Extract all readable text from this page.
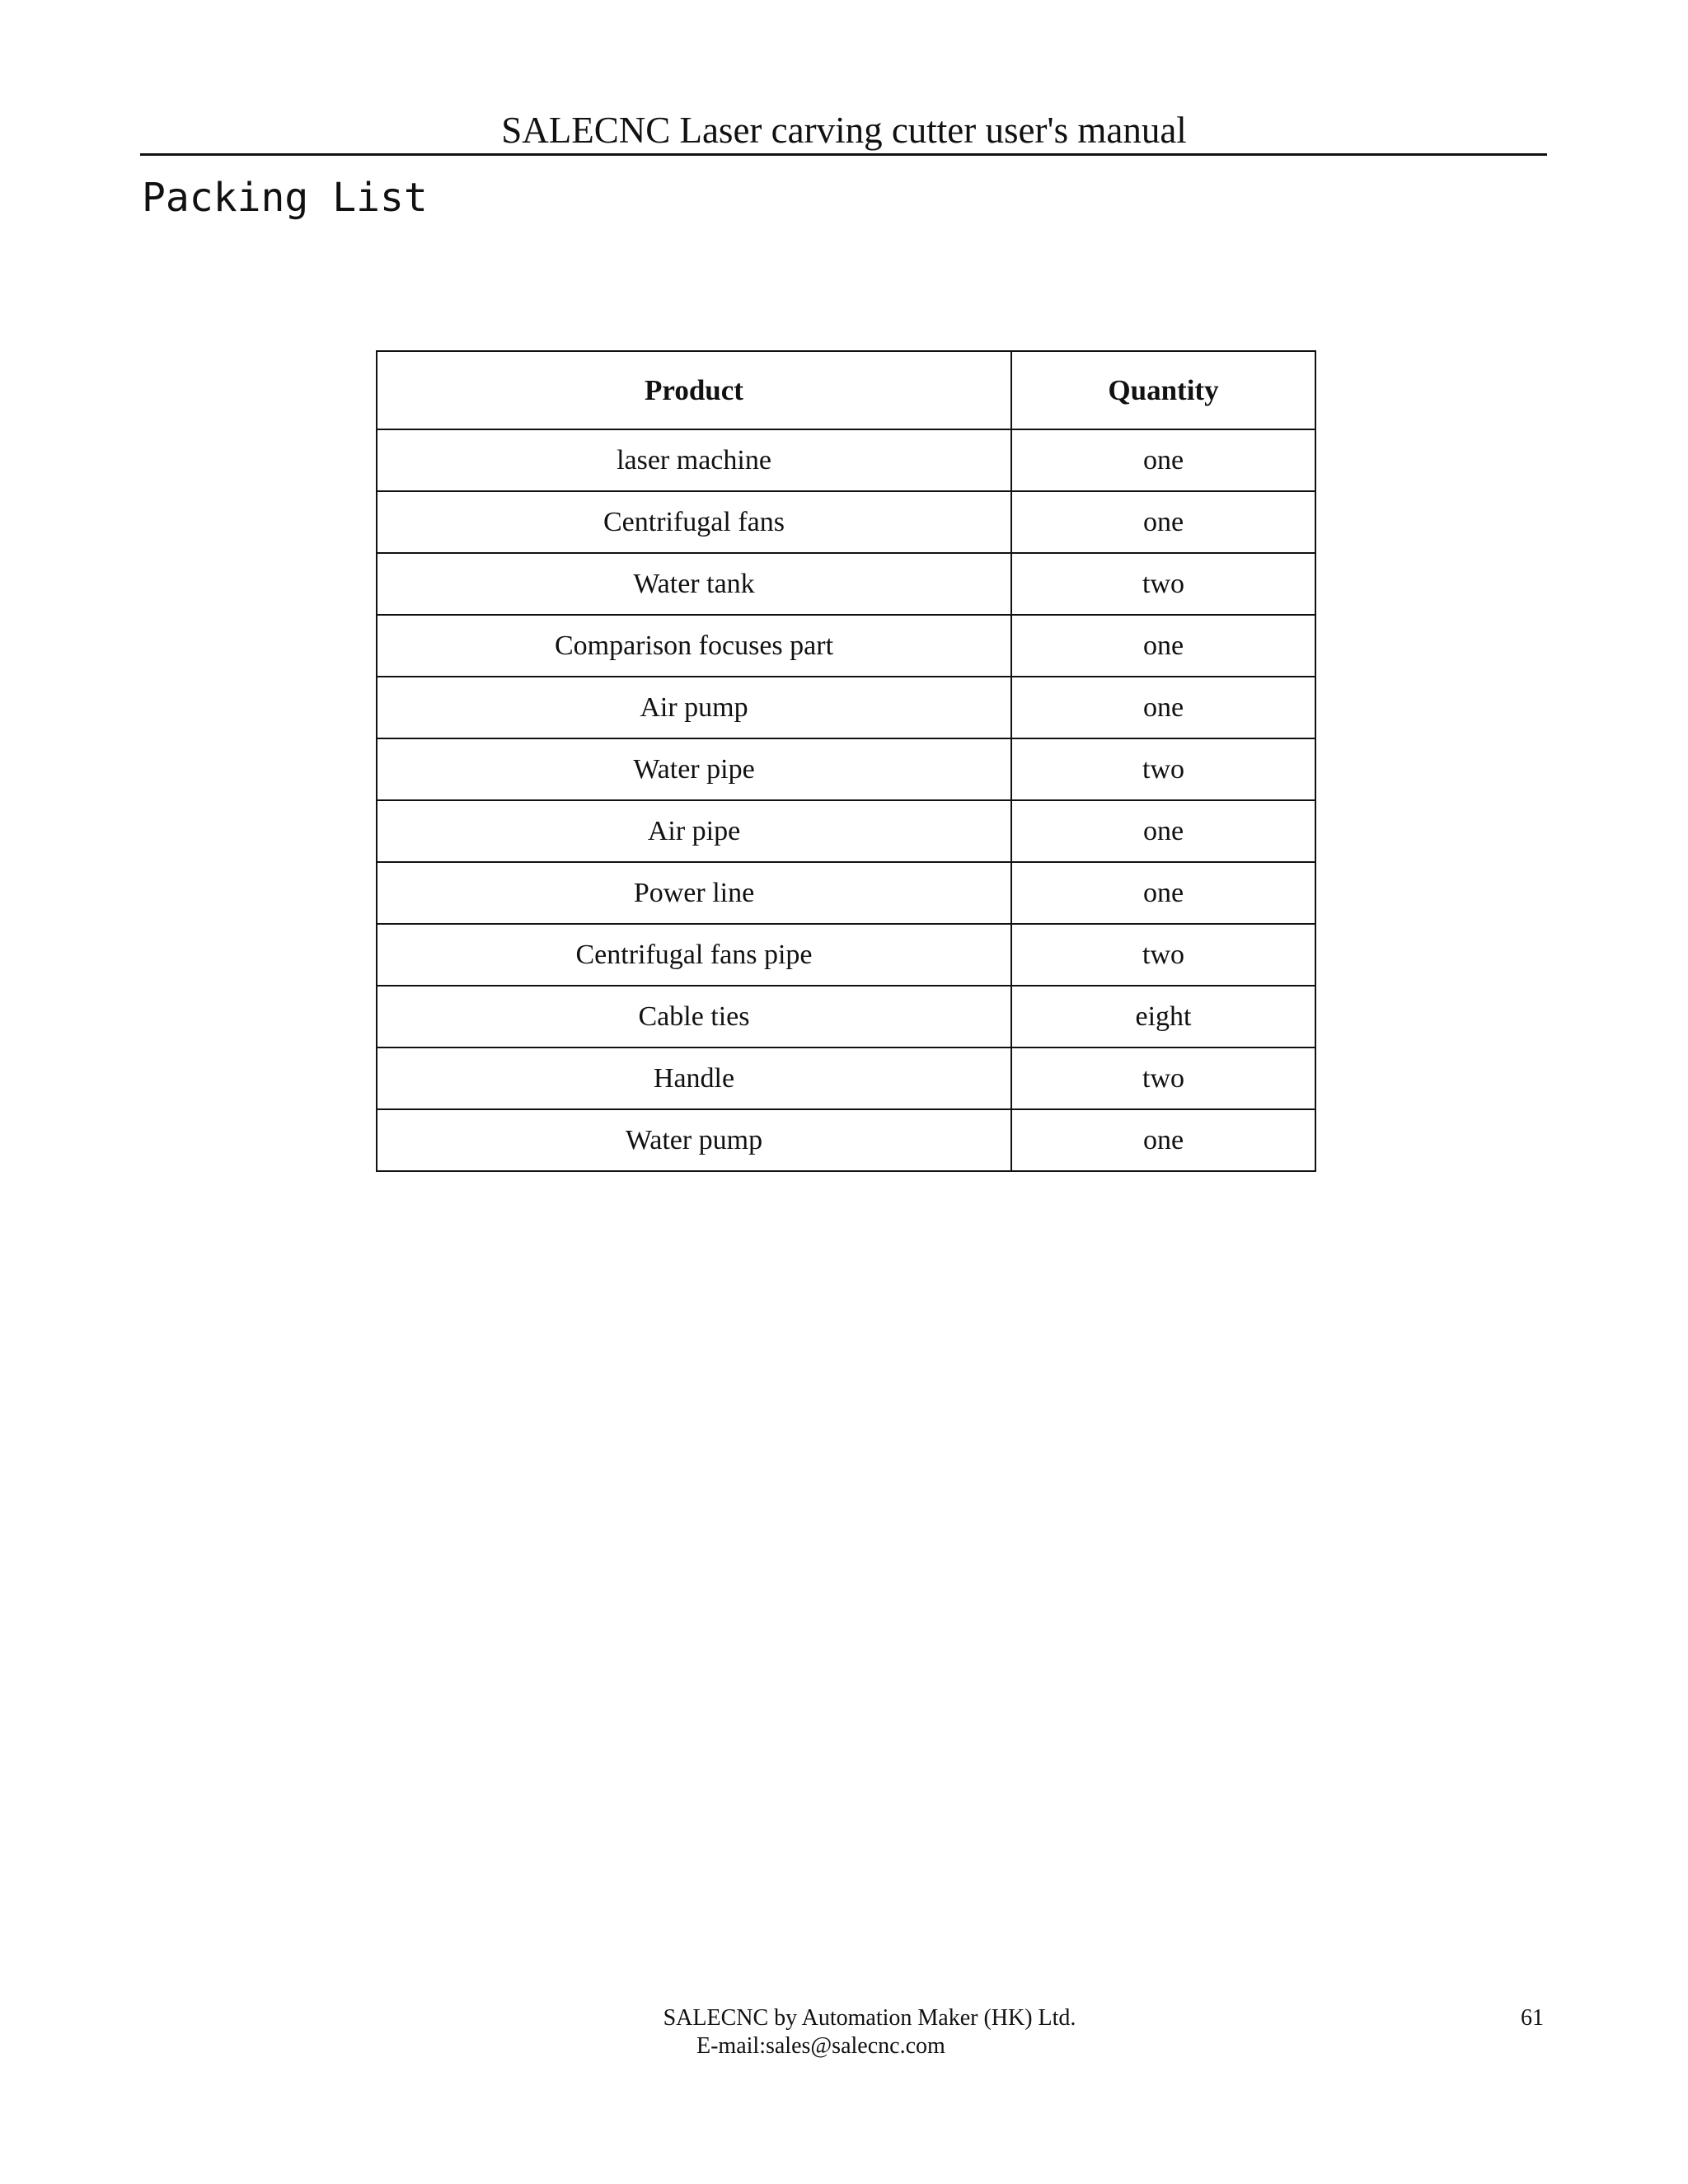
SALECNC Laser carving cutter user's manual
Packing List
Product	Quantity
laser machine	one
Centrifugal fans	one
Water tank	two
Comparison focuses part	one
Air pump	one
Water pipe	two
Air pipe	one
Power line	one
Centrifugal fans pipe	two
Cable ties	eight
Handle	two
Water pump	one
SALECNC by Automation Maker (HK) Ltd.
E-mail:sales@salecnc.com
61
